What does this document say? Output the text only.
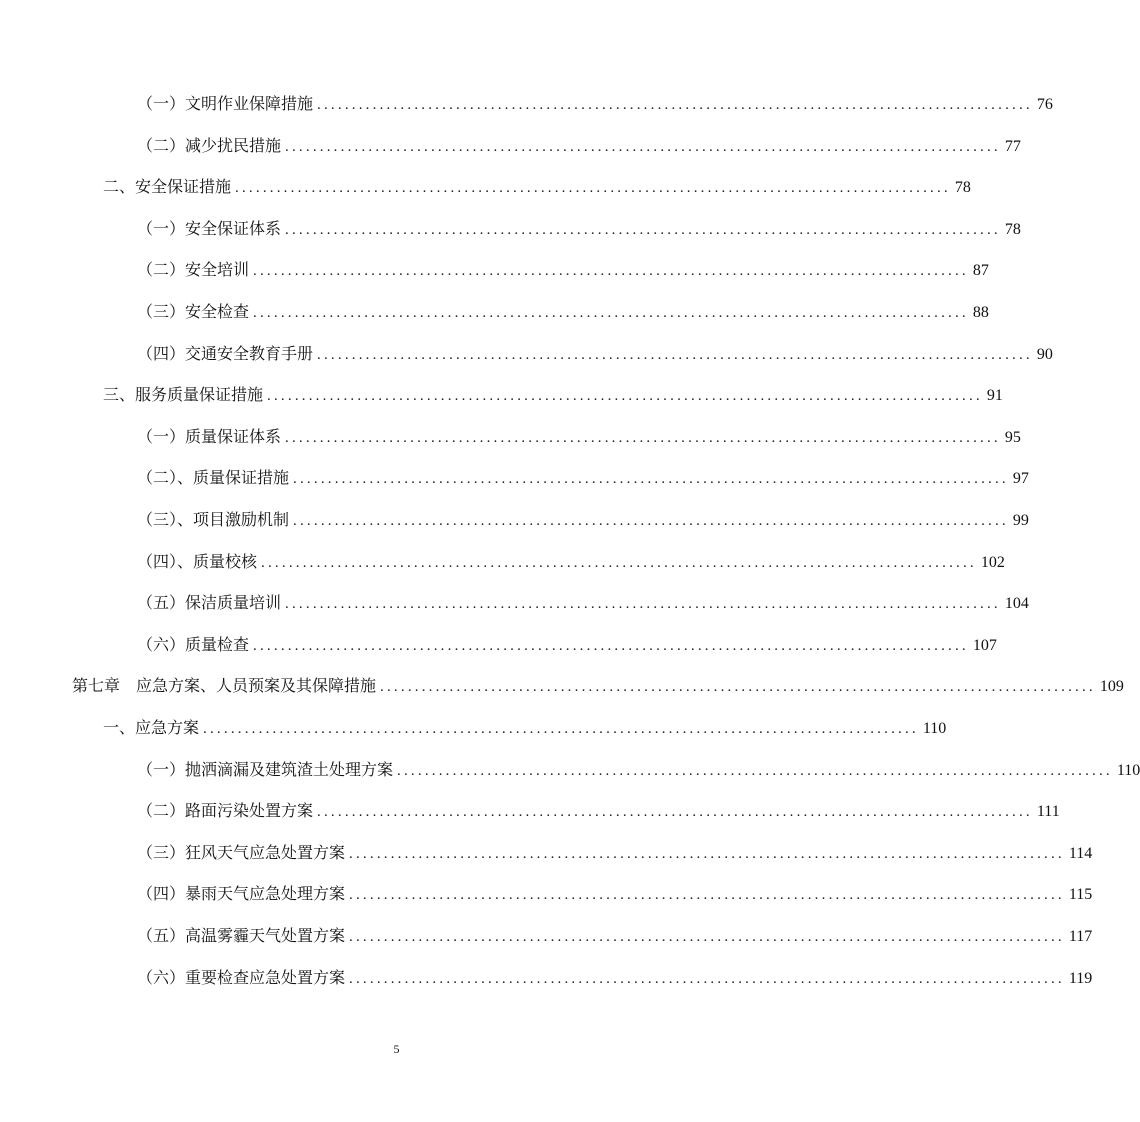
（一）文明作业保障措施 ....................................................................................................... 76
（二）减少扰民措施 ....................................................................................................... 77
二、安全保证措施 ....................................................................................................... 78
（一）安全保证体系 ....................................................................................................... 78
（二）安全培训 ....................................................................................................... 87
（三）安全检查 ....................................................................................................... 88
（四）交通安全教育手册 ....................................................................................................... 90
三、服务质量保证措施 ....................................................................................................... 91
（一）质量保证体系 ....................................................................................................... 95
（二）、质量保证措施 ....................................................................................................... 97
（三）、项目激励机制 ....................................................................................................... 99
（四）、质量校核 ....................................................................................................... 102
（五）保洁质量培训 ....................................................................................................... 104
（六）质量检查 ....................................................................................................... 107
第七章　应急方案、人员预案及其保障措施 ....................................................................................................... 109
一、应急方案 ....................................................................................................... 110
（一）抛洒滴漏及建筑渣土处理方案 ....................................................................................................... 110
（二）路面污染处置方案 ....................................................................................................... 111
（三）狂风天气应急处置方案 ....................................................................................................... 114
（四）暴雨天气应急处理方案 ....................................................................................................... 115
（五）高温雾霾天气处置方案 ....................................................................................................... 117
（六）重要检查应急处置方案 ....................................................................................................... 119
5
